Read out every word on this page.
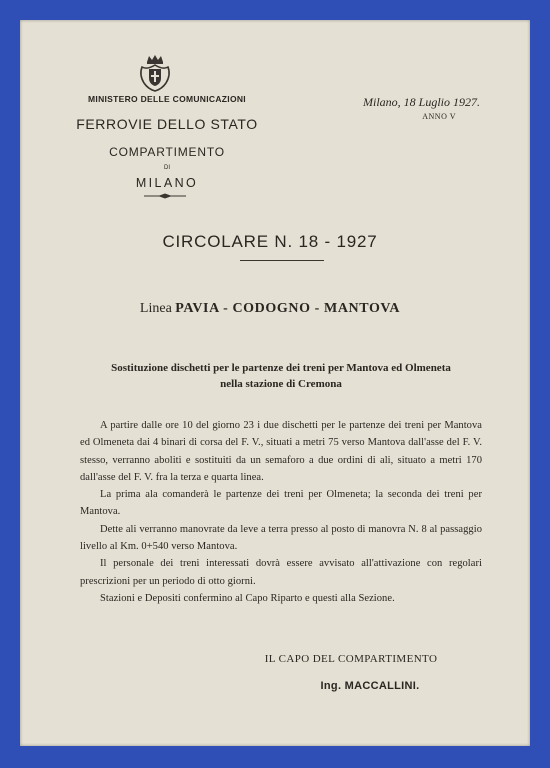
MINISTERO DELLE COMUNICAZIONI
FERROVIE DELLO STATO
COMPARTIMENTO
DI
MILANO
Milano, 18 Luglio 1927.
ANNO V
CIRCOLARE N. 18 - 1927
Linea PAVIA - CODOGNO - MANTOVA
Sostituzione dischetti per le partenze dei treni per Mantova ed Olmeneta
nella stazione di Cremona

A partire dalle ore 10 del giorno 23 i due dischetti per le partenze dei treni per Mantova ed Olmeneta dai 4 binari di corsa del F. V., situati a metri 75 verso Mantova dall'asse del F. V. stesso, verranno aboliti e sostituiti da un semaforo a due ordini di ali, situato a metri 170 dall'asse del F. V. fra la terza e quarta linea.

La prima ala comanderà le partenze dei treni per Olmeneta; la seconda dei treni per Mantova.

Dette ali verranno manovrate da leve a terra presso al posto di manovra N. 8 al passaggio livello al Km. 0+540 verso Mantova.

Il personale dei treni interessati dovrà essere avvisato all'attivazione con regolari prescrizioni per un periodo di otto giorni.

Stazioni e Depositi confermino al Capo Riparto e questi alla Sezione.

IL CAPO DEL COMPARTIMENTO
Ing. MACCALLINI.
